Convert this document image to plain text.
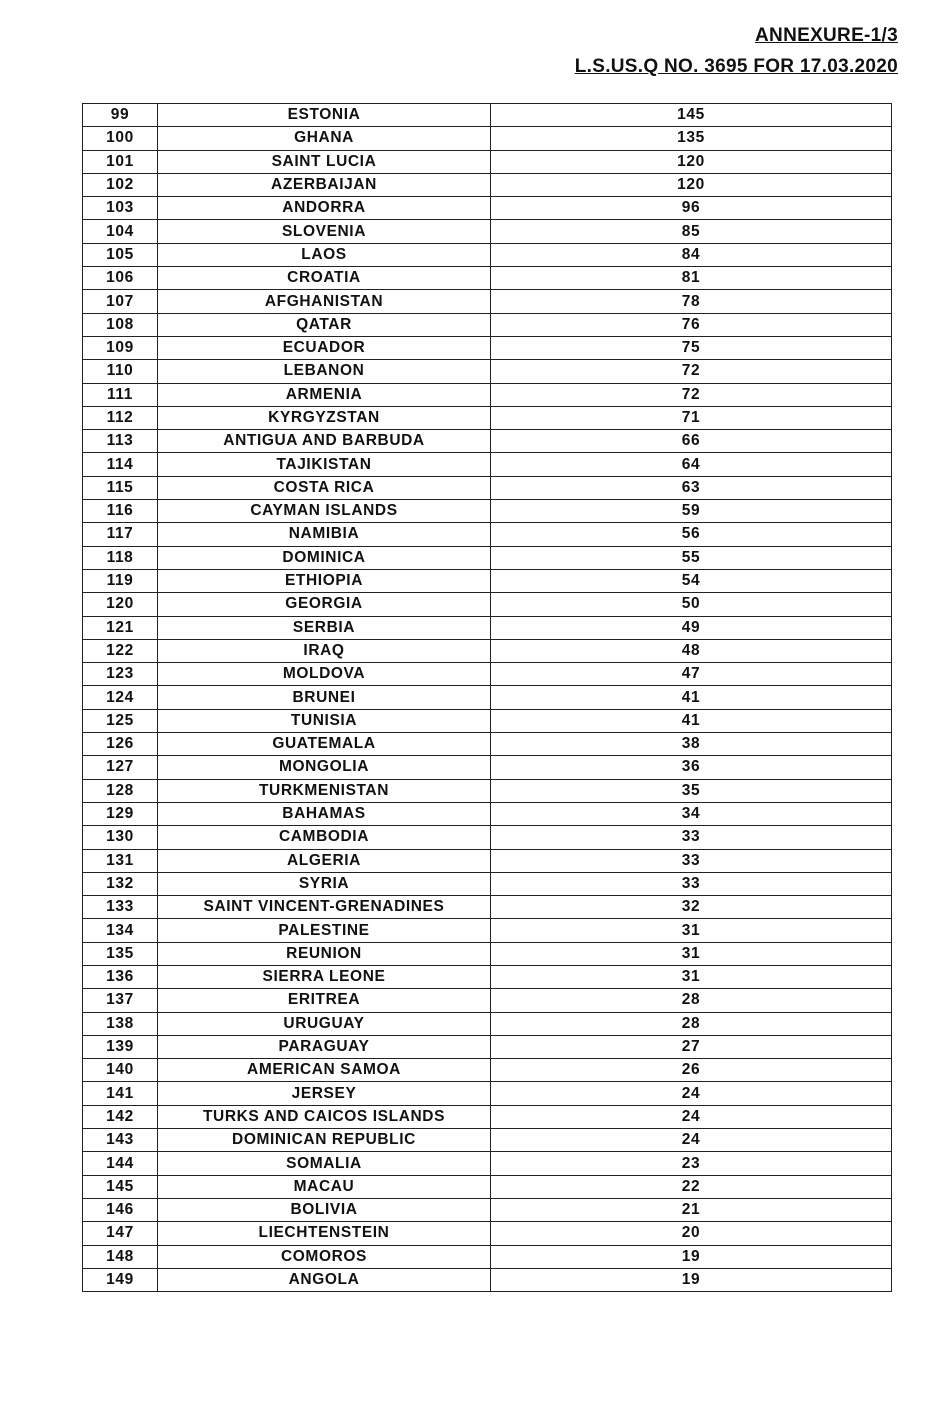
ANNEXURE-1/3
L.S.US.Q NO. 3695 FOR 17.03.2020
99	ESTONIA	145
100	GHANA	135
101	SAINT LUCIA	120
102	AZERBAIJAN	120
103	ANDORRA	96
104	SLOVENIA	85
105	LAOS	84
106	CROATIA	81
107	AFGHANISTAN	78
108	QATAR	76
109	ECUADOR	75
110	LEBANON	72
111	ARMENIA	72
112	KYRGYZSTAN	71
113	ANTIGUA AND BARBUDA	66
114	TAJIKISTAN	64
115	COSTA RICA	63
116	CAYMAN ISLANDS	59
117	NAMIBIA	56
118	DOMINICA	55
119	ETHIOPIA	54
120	GEORGIA	50
121	SERBIA	49
122	IRAQ	48
123	MOLDOVA	47
124	BRUNEI	41
125	TUNISIA	41
126	GUATEMALA	38
127	MONGOLIA	36
128	TURKMENISTAN	35
129	BAHAMAS	34
130	CAMBODIA	33
131	ALGERIA	33
132	SYRIA	33
133	SAINT VINCENT-GRENADINES	32
134	PALESTINE	31
135	REUNION	31
136	SIERRA LEONE	31
137	ERITREA	28
138	URUGUAY	28
139	PARAGUAY	27
140	AMERICAN SAMOA	26
141	JERSEY	24
142	TURKS AND CAICOS ISLANDS	24
143	DOMINICAN REPUBLIC	24
144	SOMALIA	23
145	MACAU	22
146	BOLIVIA	21
147	LIECHTENSTEIN	20
148	COMOROS	19
149	ANGOLA	19
